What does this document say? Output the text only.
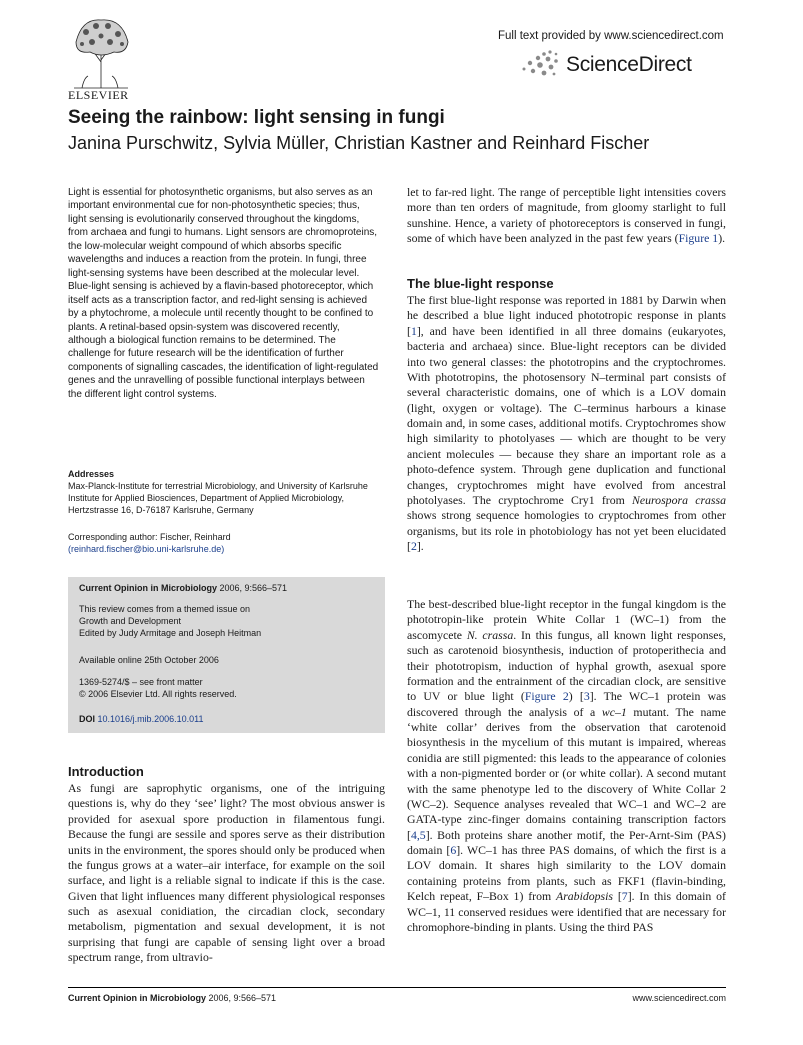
ELSEVIER
Full text provided by www.sciencedirect.com
ScienceDirect
Seeing the rainbow: light sensing in fungi

Janina Purschwitz, Sylvia Müller, Christian Kastner and Reinhard Fischer

Light is essential for photosynthetic organisms, but also serves as an important environmental cue for non-photosynthetic species; thus, light sensing is evolutionarily conserved throughout the kingdoms, from archaea and fungi to humans. Light sensors are chromoproteins, the low-molecular weight compound of which absorbs specific wavelengths and induces a reaction from the protein. In fungi, three light-sensing systems have been described at the molecular level. Blue-light sensing is achieved by a flavin-based photoreceptor, which itself acts as a transcription factor, and red-light sensing is achieved by a phytochrome, a molecule until recently thought to be confined to plants. A retinal-based opsin-system was discovered recently, although a biological function remains to be determined. The challenge for future research will be the identification of further components of signalling cascades, the identification of light-regulated genes and the unravelling of possible functional interplays between the different light control systems.

Addresses
Max-Planck-Institute for terrestrial Microbiology, and University of Karlsruhe Institute for Applied Biosciences, Department of Applied Microbiology, Hertzstrasse 16, D-76187 Karlsruhe, Germany
Corresponding author: Fischer, Reinhard
(reinhard.fischer@bio.uni-karlsruhe.de)
Current Opinion in Microbiology 2006, 9:566–571
This review comes from a themed issue on
Growth and Development
Edited by Judy Armitage and Joseph Heitman
Available online 25th October 2006
1369-5274/$ – see front matter
© 2006 Elsevier Ltd. All rights reserved.
DOI 10.1016/j.mib.2006.10.011
Introduction

As fungi are saprophytic organisms, one of the intriguing questions is, why do they ‘see’ light? The most obvious answer is provided for asexual spore production in filamentous fungi. Because the fungi are sessile and spores serve as their distribution units in the environment, the spores should only be produced when the fungus grows at a water–air interface, for example on the soil surface, and light is a reliable signal to indicate if this is the case. Given that light influences many different physiological responses such as asexual conidiation, the circadian clock, secondary metabolism, pigmentation and sexual development, it is not surprising that fungi are capable of sensing light over a broad spectrum range, from ultravio-

let to far-red light. The range of perceptible light intensities covers more than ten orders of magnitude, from gloomy starlight to full sunshine. Hence, a variety of photoreceptors is conserved in fungi, some of which have been analyzed in the past few years (Figure 1).

The blue-light response

The first blue-light response was reported in 1881 by Darwin when he described a blue light induced phototropic response in plants [1], and have been identified in all three domains (eukaryotes, bacteria and archaea) since. Blue-light receptors can be divided into two general classes: the phototropins and the cryptochromes. With phototropins, the photosensory N–terminal part consists of several characteristic domains, one of which is a LOV domain (light, oxygen or voltage). The C–terminus harbours a kinase domain and, in some cases, additional motifs. Cryptochromes show high similarity to photolyases — which are thought to be very ancient molecules — because they share an important role as a photo-defence system. Through gene duplication and functional changes, cryptochromes might have evolved from ancestral photolyases. The cryptochrome Cry1 from Neurospora crassa shows strong sequence homologies to cryptochromes from other organisms, but its role in photobiology has not yet been elucidated [2].

The best-described blue-light receptor in the fungal kingdom is the phototropin-like protein White Collar 1 (WC–1) from the ascomycete N. crassa. In this fungus, all known light responses, such as carotenoid biosynthesis, induction of protoperithecia and their phototropism, induction of hyphal growth, asexual spore formation and the entrainment of the circadian clock, are sensitive to UV or blue light (Figure 2) [3]. The WC–1 protein was discovered through the analysis of a wc–1 mutant. The name ‘white collar’ derives from the observation that carotenoid biosynthesis in the mycelium of this mutant is impaired, whereas conidia are still pigmented: this leads to the appearance of colonies with a non-pigmented border or (or white collar). A second mutant with the same phenotype led to the discovery of White Collar 2 (WC–2). Sequence analyses revealed that WC–1 and WC–2 are GATA-type zinc-finger domains containing transcription factors [4,5]. Both proteins share another motif, the Per-Arnt-Sim (PAS) domain [6]. WC–1 has three PAS domains, of which the first is a LOV domain. It shares high similarity to the LOV domain containing proteins from plants, such as FKF1 (flavin-binding, Kelch repeat, F–Box 1) from Arabidopsis [7]. In this domain of WC–1, 11 conserved residues were identified that are necessary for chromophore-binding in plants. Using the third PAS

Current Opinion in Microbiology 2006, 9:566–571	www.sciencedirect.com
